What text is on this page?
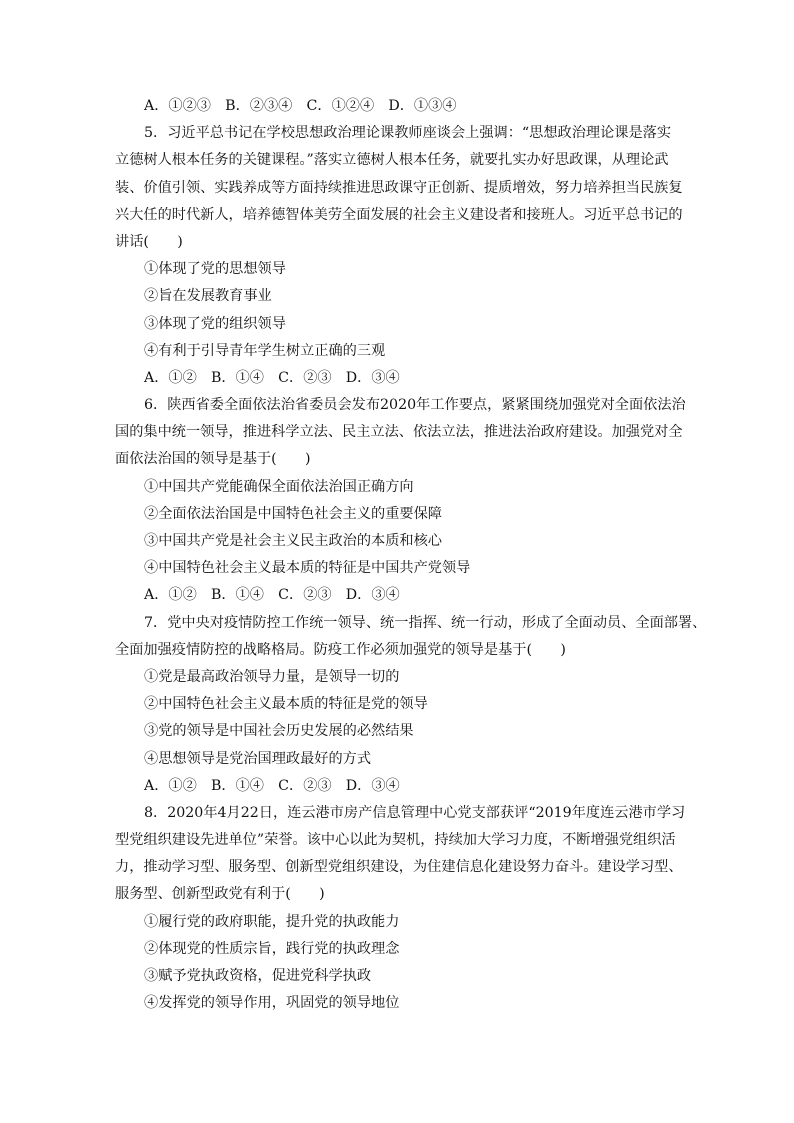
A．①②③　B．②③④　C．①②④　D．①③④

5．习近平总书记在学校思想政治理论课教师座谈会上强调：“思想政治理论课是落实
立德树人根本任务的关键课程。”落实立德树人根本任务，就要扎实办好思政课，从理论武
装、价值引领、实践养成等方面持续推进思政课守正创新、提质增效，努力培养担当民族复
兴大任的时代新人，培养德智体美劳全面发展的社会主义建设者和接班人。习近平总书记的
讲话(　　)

①体现了党的思想领导
②旨在发展教育事业
③体现了党的组织领导
④有利于引导青年学生树立正确的三观
A．①②　B．①④　C．②③　D．③④

6．陕西省委全面依法治省委员会发布2020年工作要点，紧紧围绕加强党对全面依法治
国的集中统一领导，推进科学立法、民主立法、依法立法，推进法治政府建设。加强党对全
面依法治国的领导是基于(　　)

①中国共产党能确保全面依法治国正确方向
②全面依法治国是中国特色社会主义的重要保障
③中国共产党是社会主义民主政治的本质和核心
④中国特色社会主义最本质的特征是中国共产党领导
A．①②　B．①④　C．②③　D．③④

7．党中央对疫情防控工作统一领导、统一指挥、统一行动，形成了全面动员、全面部署、
全面加强疫情防控的战略格局。防疫工作必须加强党的领导是基于(　　)

①党是最高政治领导力量，是领导一切的
②中国特色社会主义最本质的特征是党的领导
③党的领导是中国社会历史发展的必然结果
④思想领导是党治国理政最好的方式
A．①②　B．①④　C．②③　D．③④

8．2020年4月22日，连云港市房产信息管理中心党支部获评“2019年度连云港市学习
型党组织建设先进单位”荣誉。该中心以此为契机，持续加大学习力度，不断增强党组织活
力，推动学习型、服务型、创新型党组织建设，为住建信息化建设努力奋斗。建设学习型、
服务型、创新型政党有利于(　　)

①履行党的政府职能，提升党的执政能力
②体现党的性质宗旨，践行党的执政理念
③赋予党执政资格，促进党科学执政
④发挥党的领导作用，巩固党的领导地位
